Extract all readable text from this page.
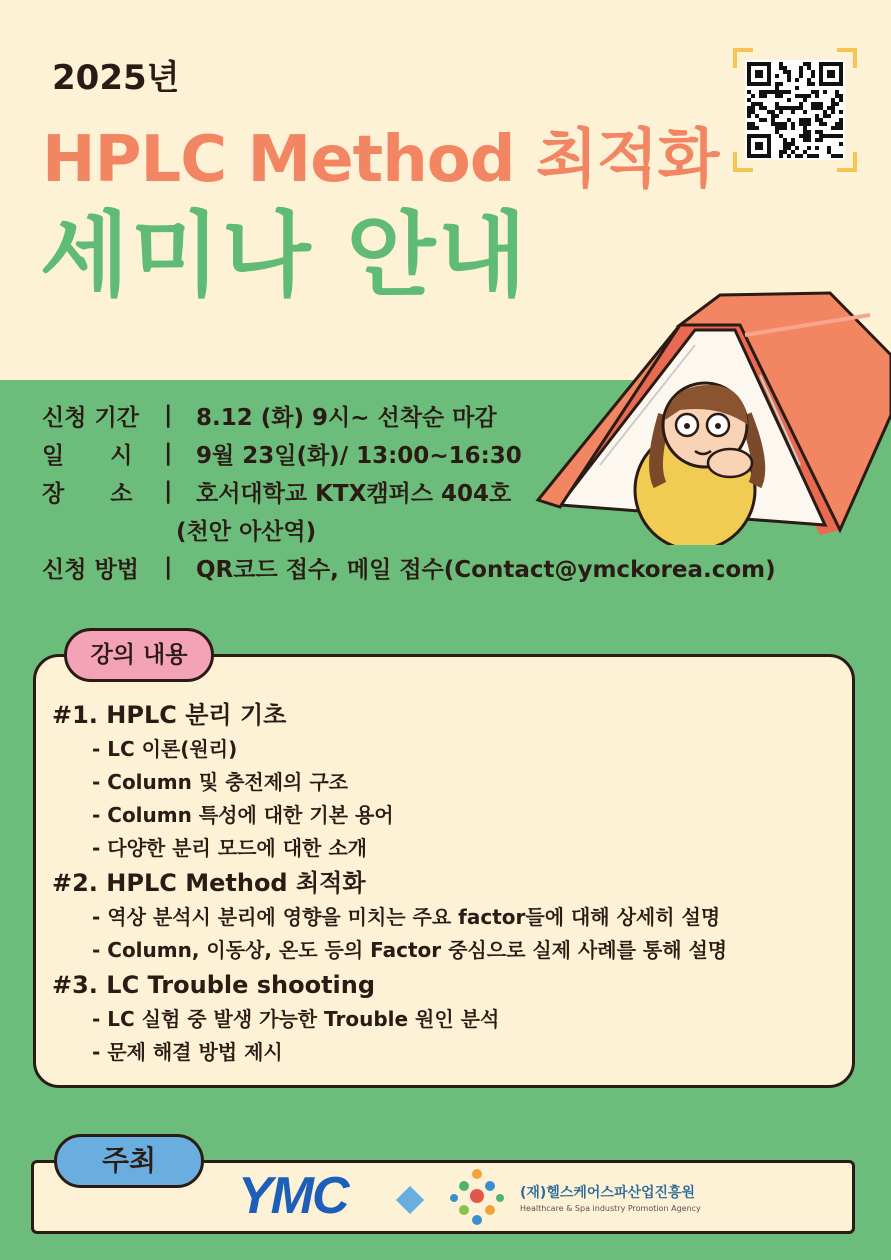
2025년
HPLC Method 최적화
세미나 안내
신청 기간	|	8.12 (화) 9시~ 선착순 마감
일　　시	|	9월 23일(화)/ 13:00~16:30
장　　소	|	호서대학교 KTX캠퍼스 404호
(천안 아산역)
신청 방법	|	QR코드 접수, 메일 접수(Contact@ymckorea.com)
강의 내용
#1. HPLC 분리 기초
- LC 이론(원리)
- Column 및 충전제의 구조
- Column 특성에 대한 기본 용어
- 다양한 분리 모드에 대한 소개
#2. HPLC Method 최적화
- 역상 분석시 분리에 영향을 미치는 주요 factor들에 대해 상세히 설명
- Column, 이동상, 온도 등의 Factor 중심으로 실제 사례를 통해 설명
#3. LC Trouble shooting
- LC 실험 중 발생 가능한 Trouble 원인 분석
- 문제 해결 방법 제시
주최
YMC	(재)헬스케어스파산업진흥원
Healthcare & Spa industry Promotion Agency
